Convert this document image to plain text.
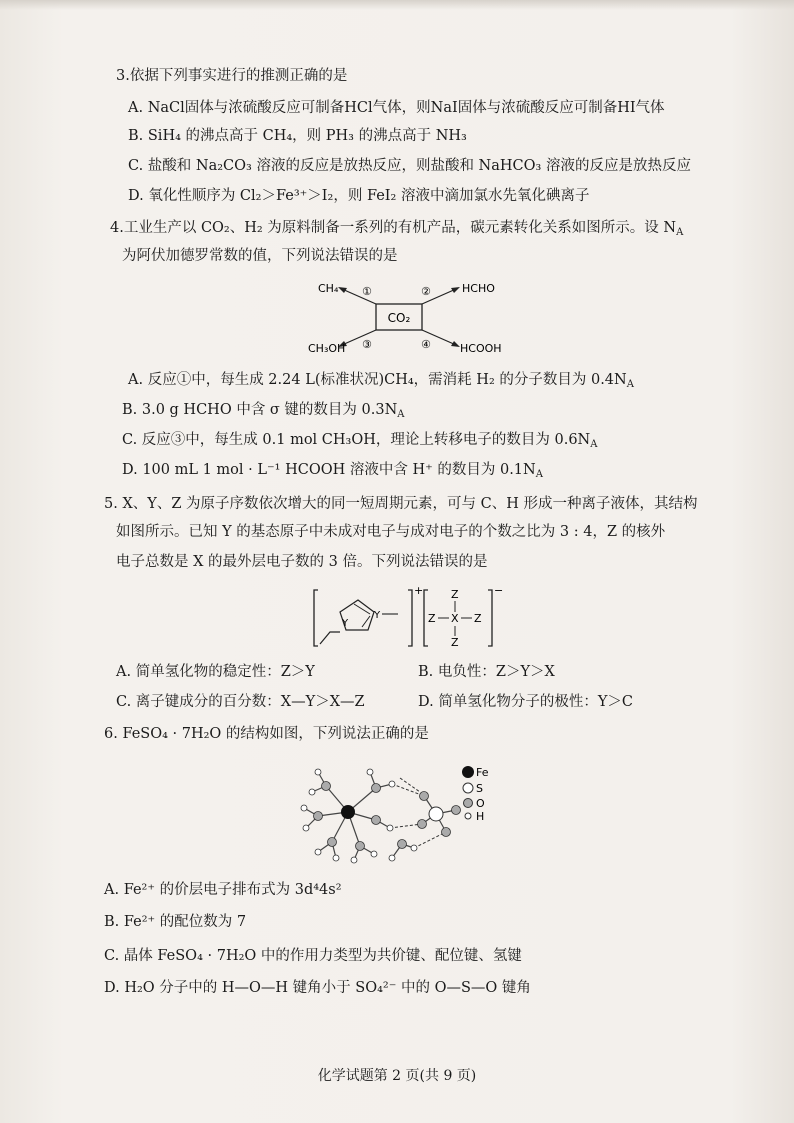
3.依据下列事实进行的推测正确的是
A. NaCl固体与浓硫酸反应可制备HCl气体，则NaI固体与浓硫酸反应可制备HI气体
B. SiH₄ 的沸点高于 CH₄，则 PH₃ 的沸点高于 NH₃
C. 盐酸和 Na₂CO₃ 溶液的反应是放热反应，则盐酸和 NaHCO₃ 溶液的反应是放热反应
D. 氧化性顺序为 Cl₂＞Fe³⁺＞I₂，则 FeI₂ 溶液中滴加氯水先氧化碘离子
4.工业生产以 CO₂、H₂ 为原料制备一系列的有机产品，碳元素转化关系如图所示。设 $N_A$
为阿伏加德罗常数的值，下列说法错误的是
CO₂
CH₄	HCHO
CH₃OH	HCOOH
①	②
③	④
A. 反应①中，每生成 2.24 L(标准状况)CH₄，需消耗 H₂ 的分子数目为 $0.4N_A$
B. 3.0 g HCHO 中含 σ 键的数目为 $0.3N_A$
C. 反应③中，每生成 0.1 mol CH₃OH，理论上转移电子的数目为 $0.6N_A$
D. 100 mL 1 mol · L⁻¹ HCOOH 溶液中含 H⁺ 的数目为 $0.1N_A$
5. X、Y、Z 为原子序数依次增大的同一短周期元素，可与 C、H 形成一种离子液体，其结构
如图所示。已知 Y 的基态原子中未成对电子与成对电子的个数之比为 3 : 4，Z 的核外
电子总数是 X 的最外层电子数的 3 倍。下列说法错误的是
Y
Y
+	Z
Z X Z
Z
−
A. 简单氢化物的稳定性：Z＞Y	B. 电负性：Z＞Y＞X
C. 离子键成分的百分数：X—Y＞X—Z	D. 简单氢化物分子的极性：Y＞C
6. FeSO₄ · 7H₂O 的结构如图，下列说法正确的是
Fe
S
O
H
A. Fe²⁺ 的价层电子排布式为 3d⁴4s²
B. Fe²⁺ 的配位数为 7
C. 晶体 FeSO₄ · 7H₂O 中的作用力类型为共价键、配位键、氢键
D. H₂O 分子中的 H—O—H 键角小于 SO₄²⁻ 中的 O—S—O 键角
化学试题第 2 页(共 9 页)
